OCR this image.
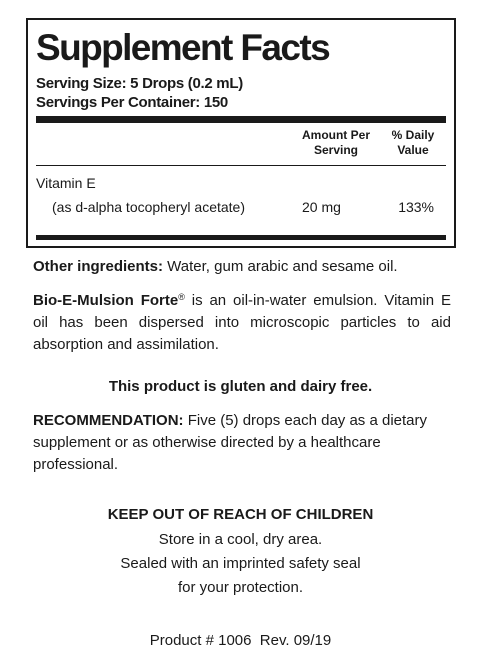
Supplement Facts
Serving Size: 5 Drops (0.2 mL)
Servings Per Container: 150
Amount Per
Serving
% Daily
Value
Vitamin E
(as d-alpha tocopheryl acetate)	20 mg	133%
Other ingredients: Water, gum arabic and sesame oil.
Bio-E-Mulsion Forte® is an oil-in-water emulsion. Vitamin E oil has been dispersed into microscopic particles to aid absorption and assimilation.
This product is gluten and dairy free.
RECOMMENDATION: Five (5) drops each day as a dietary supplement or as otherwise directed by a healthcare professional.
KEEP OUT OF REACH OF CHILDREN
Store in a cool, dry area.
Sealed with an imprinted safety seal
for your protection.
Product # 1006  Rev. 09/19
